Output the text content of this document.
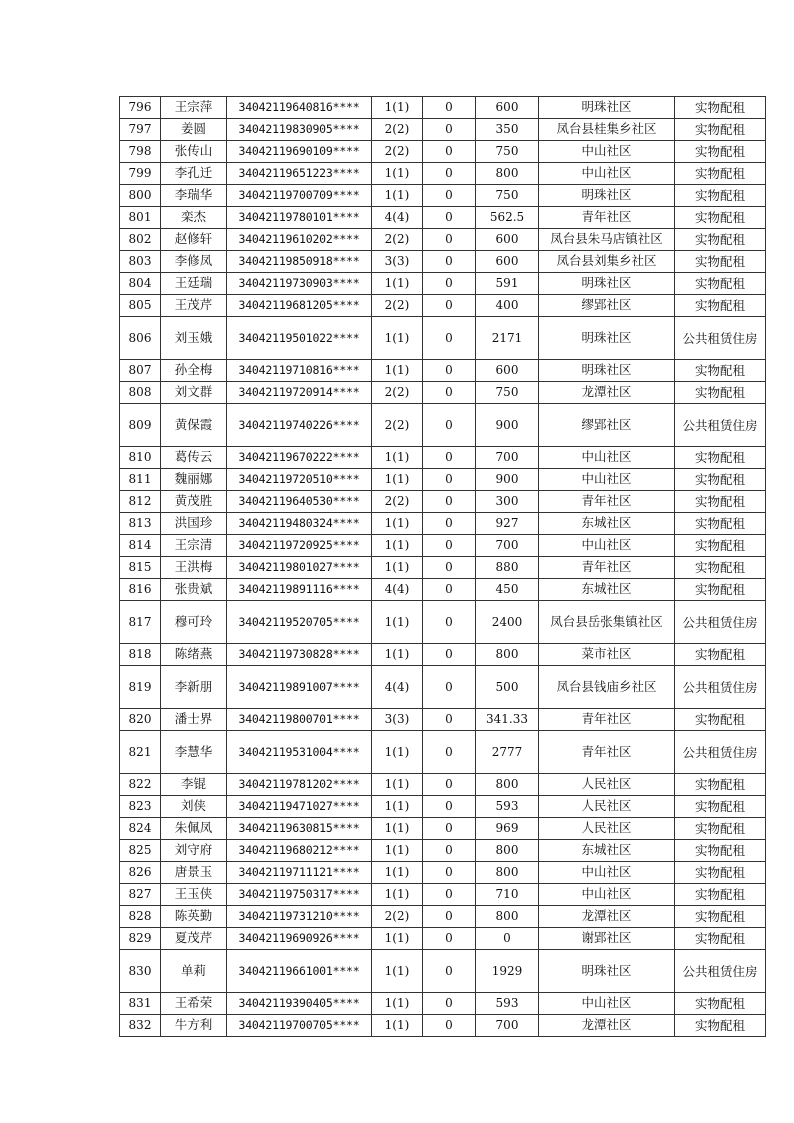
796	王宗萍	34042119640816****	1(1)	0	600	明珠社区	实物配租
797	姜圆	34042119830905****	2(2)	0	350	凤台县桂集乡社区	实物配租
798	张传山	34042119690109****	2(2)	0	750	中山社区	实物配租
799	李孔迁	34042119651223****	1(1)	0	800	中山社区	实物配租
800	李瑞华	34042119700709****	1(1)	0	750	明珠社区	实物配租
801	栾杰	34042119780101****	4(4)	0	562.5	青年社区	实物配租
802	赵修轩	34042119610202****	2(2)	0	600	凤台县朱马店镇社区	实物配租
803	李修凤	34042119850918****	3(3)	0	600	凤台县刘集乡社区	实物配租
804	王廷瑞	34042119730903****	1(1)	0	591	明珠社区	实物配租
805	王茂芹	34042119681205****	2(2)	0	400	缪郢社区	实物配租
806	刘玉娥	34042119501022****	1(1)	0	2171	明珠社区	公共租赁住房
807	孙全梅	34042119710816****	1(1)	0	600	明珠社区	实物配租
808	刘文群	34042119720914****	2(2)	0	750	龙潭社区	实物配租
809	黄保霞	34042119740226****	2(2)	0	900	缪郢社区	公共租赁住房
810	葛传云	34042119670222****	1(1)	0	700	中山社区	实物配租
811	魏丽娜	34042119720510****	1(1)	0	900	中山社区	实物配租
812	黄茂胜	34042119640530****	2(2)	0	300	青年社区	实物配租
813	洪国珍	34042119480324****	1(1)	0	927	东城社区	实物配租
814	王宗清	34042119720925****	1(1)	0	700	中山社区	实物配租
815	王洪梅	34042119801027****	1(1)	0	880	青年社区	实物配租
816	张贵斌	34042119891116****	4(4)	0	450	东城社区	实物配租
817	穆可玲	34042119520705****	1(1)	0	2400	凤台县岳张集镇社区	公共租赁住房
818	陈绪燕	34042119730828****	1(1)	0	800	菜市社区	实物配租
819	李新朋	34042119891007****	4(4)	0	500	凤台县钱庙乡社区	公共租赁住房
820	潘士界	34042119800701****	3(3)	0	341.33	青年社区	实物配租
821	李慧华	34042119531004****	1(1)	0	2777	青年社区	公共租赁住房
822	李锟	34042119781202****	1(1)	0	800	人民社区	实物配租
823	刘侠	34042119471027****	1(1)	0	593	人民社区	实物配租
824	朱佩凤	34042119630815****	1(1)	0	969	人民社区	实物配租
825	刘守府	34042119680212****	1(1)	0	800	东城社区	实物配租
826	唐景玉	34042119711121****	1(1)	0	800	中山社区	实物配租
827	王玉侠	34042119750317****	1(1)	0	710	中山社区	实物配租
828	陈英勤	34042119731210****	2(2)	0	800	龙潭社区	实物配租
829	夏茂芹	34042119690926****	1(1)	0	0	谢郢社区	实物配租
830	单莉	34042119661001****	1(1)	0	1929	明珠社区	公共租赁住房
831	王希荣	34042119390405****	1(1)	0	593	中山社区	实物配租
832	牛方利	34042119700705****	1(1)	0	700	龙潭社区	实物配租
